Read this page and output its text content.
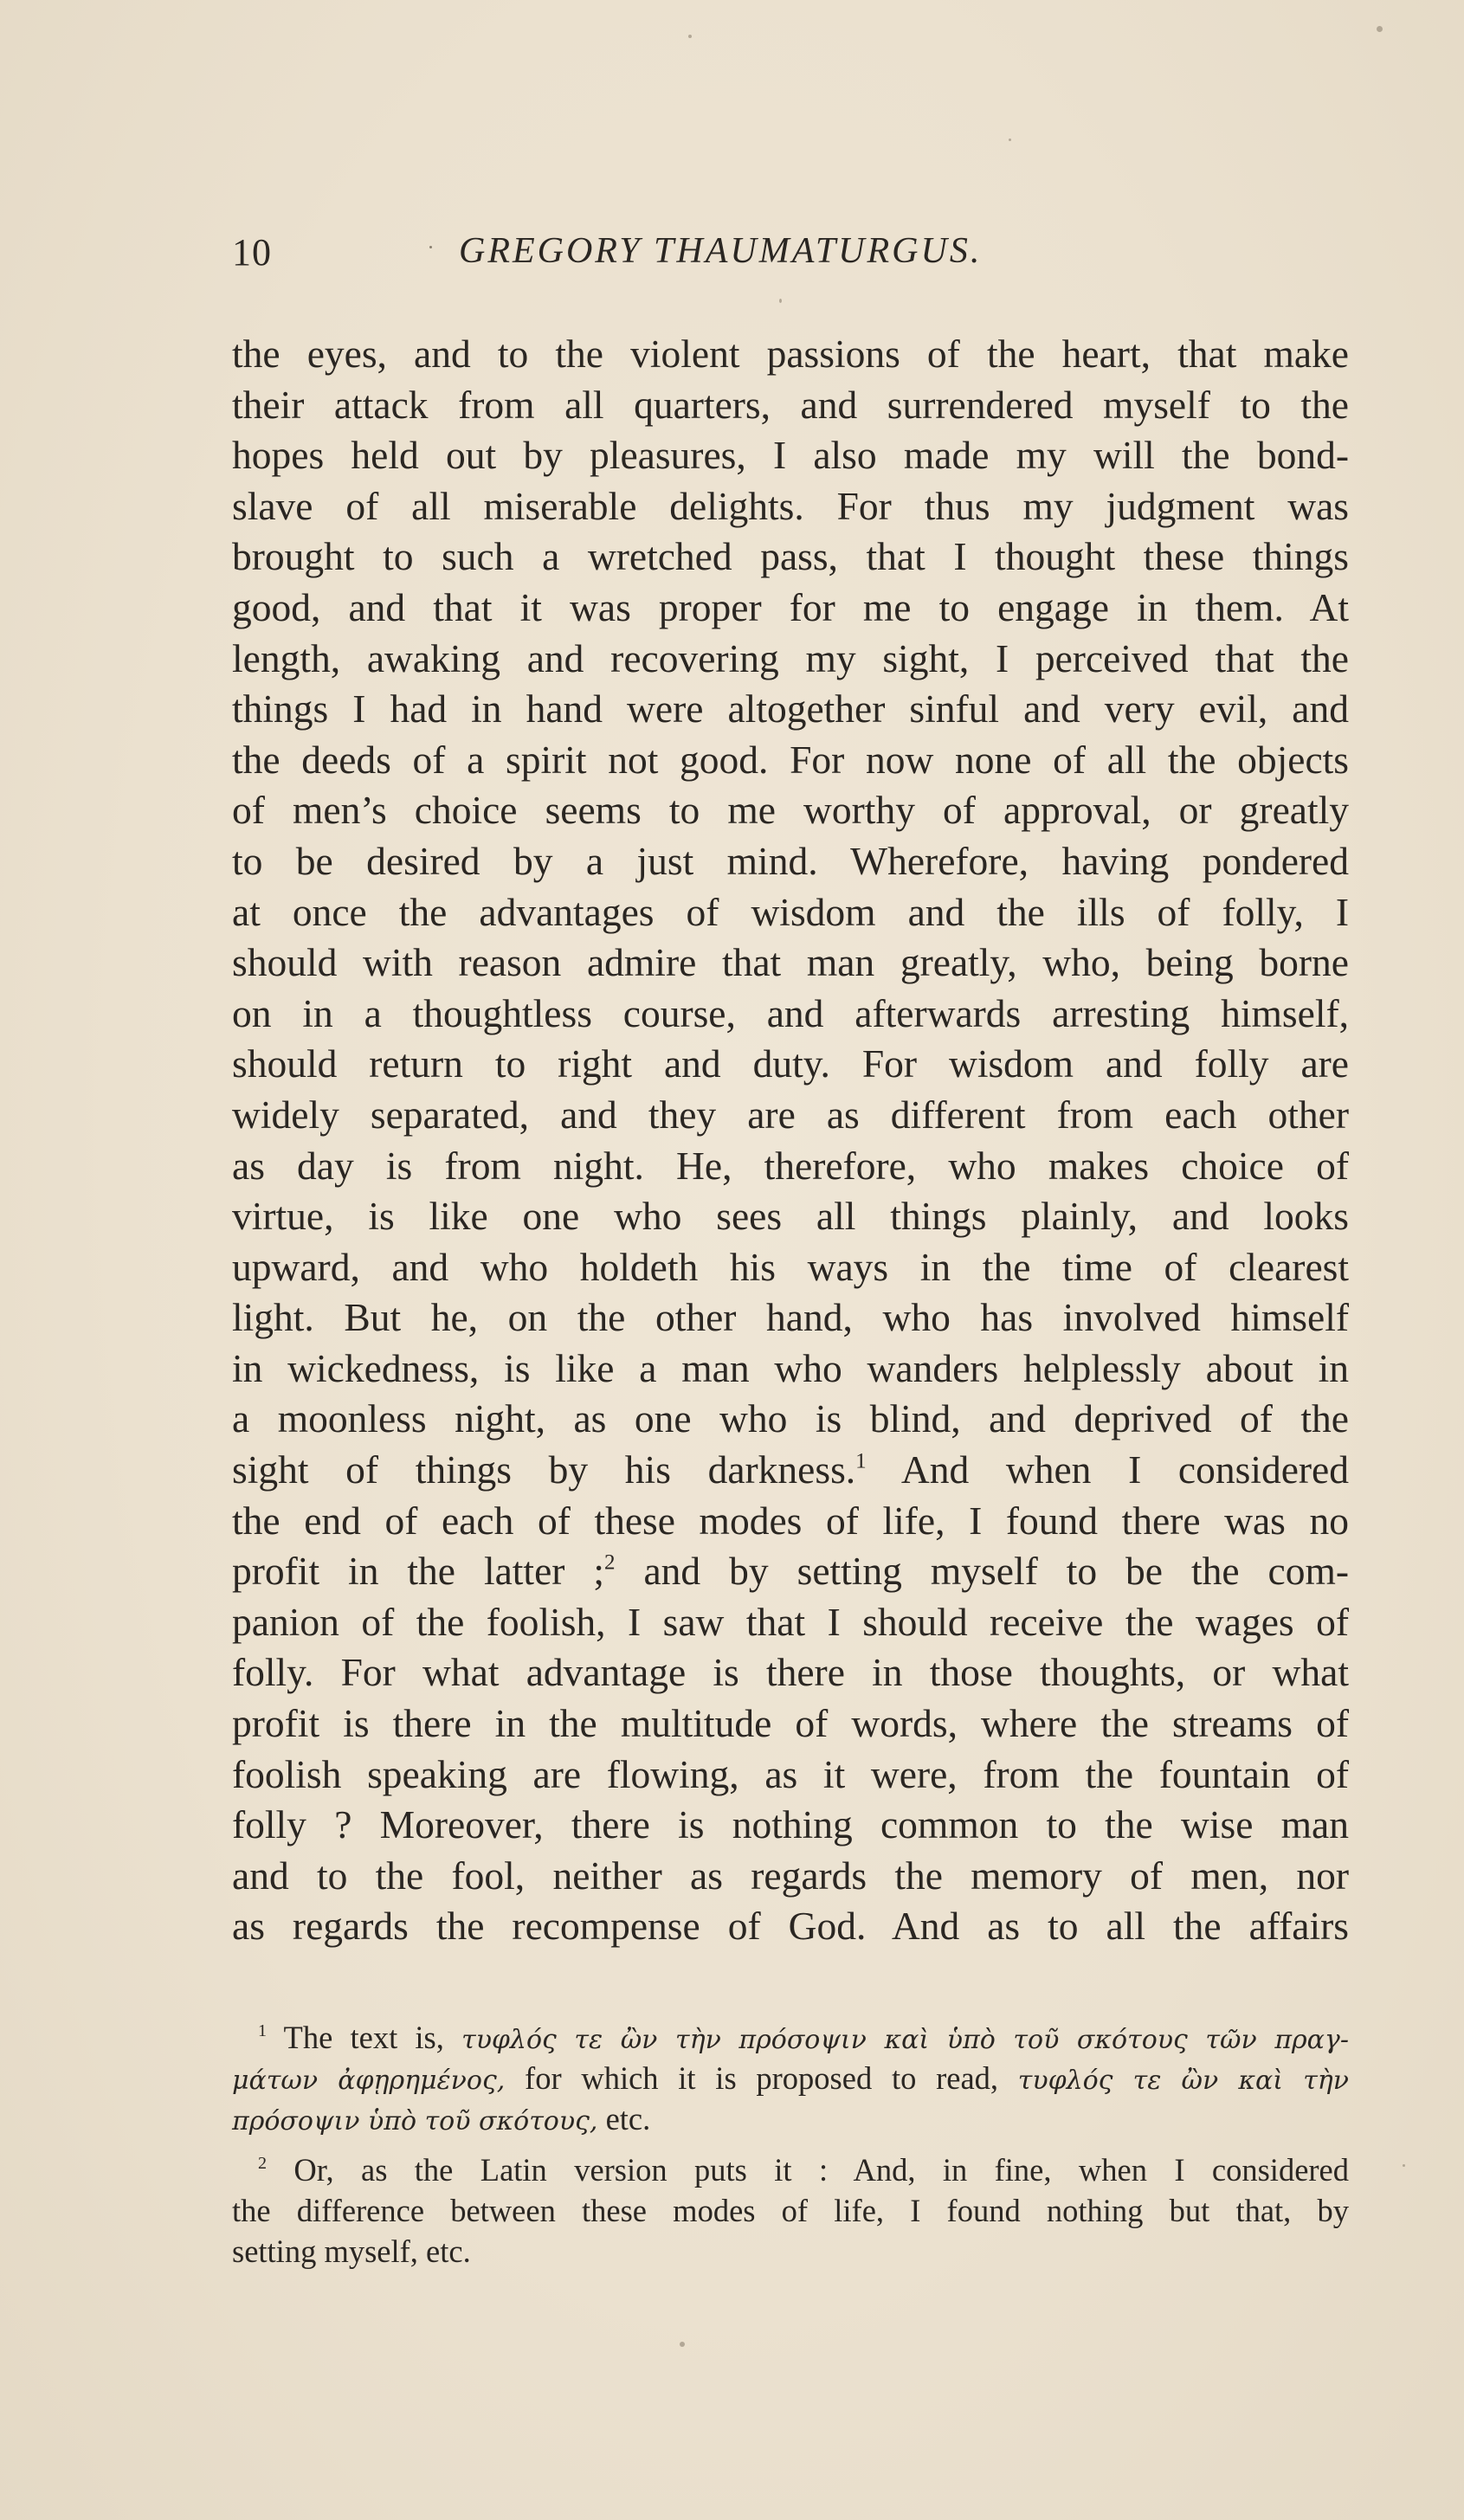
10	GREGORY THAUMATURGUS.
the eyes, and to the violent passions of the heart, that make
their attack from all quarters, and surrendered myself to the
hopes held out by pleasures, I also made my will the bond-
slave of all miserable delights. For thus my judgment was
brought to such a wretched pass, that I thought these things
good, and that it was proper for me to engage in them. At
length, awaking and recovering my sight, I perceived that the
things I had in hand were altogether sinful and very evil, and
the deeds of a spirit not good. For now none of all the objects
of men’s choice seems to me worthy of approval, or greatly
to be desired by a just mind. Wherefore, having pondered
at once the advantages of wisdom and the ills of folly, I
should with reason admire that man greatly, who, being borne
on in a thoughtless course, and afterwards arresting himself,
should return to right and duty. For wisdom and folly are
widely separated, and they are as different from each other
as day is from night. He, therefore, who makes choice of
virtue, is like one who sees all things plainly, and looks
upward, and who holdeth his ways in the time of clearest
light. But he, on the other hand, who has involved himself
in wickedness, is like a man who wanders helplessly about in
a moonless night, as one who is blind, and deprived of the
sight of things by his darkness.$^1$ And when I considered
the end of each of these modes of life, I found there was no
profit in the latter ;$^2$ and by setting myself to be the com-
panion of the foolish, I saw that I should receive the wages of
folly. For what advantage is there in those thoughts, or what
profit is there in the multitude of words, where the streams of
foolish speaking are flowing, as it were, from the fountain of
folly ? Moreover, there is nothing common to the wise man
and to the fool, neither as regards the memory of men, nor
as regards the recompense of God. And as to all the affairs
$^1$ The text is, τυφλός τε ὢν τὴν πρόσοψιν καὶ ὑπὸ τοῦ σκότους τῶν πραγ-
μάτων ἀφῃρημένος, for which it is proposed to read, τυφλός τε ὢν καὶ τὴν
πρόσοψιν ὑπὸ τοῦ σκότους, etc.
$^2$ Or, as the Latin version puts it : And, in fine, when I considered
the difference between these modes of life, I found nothing but that, by
setting myself, etc.
